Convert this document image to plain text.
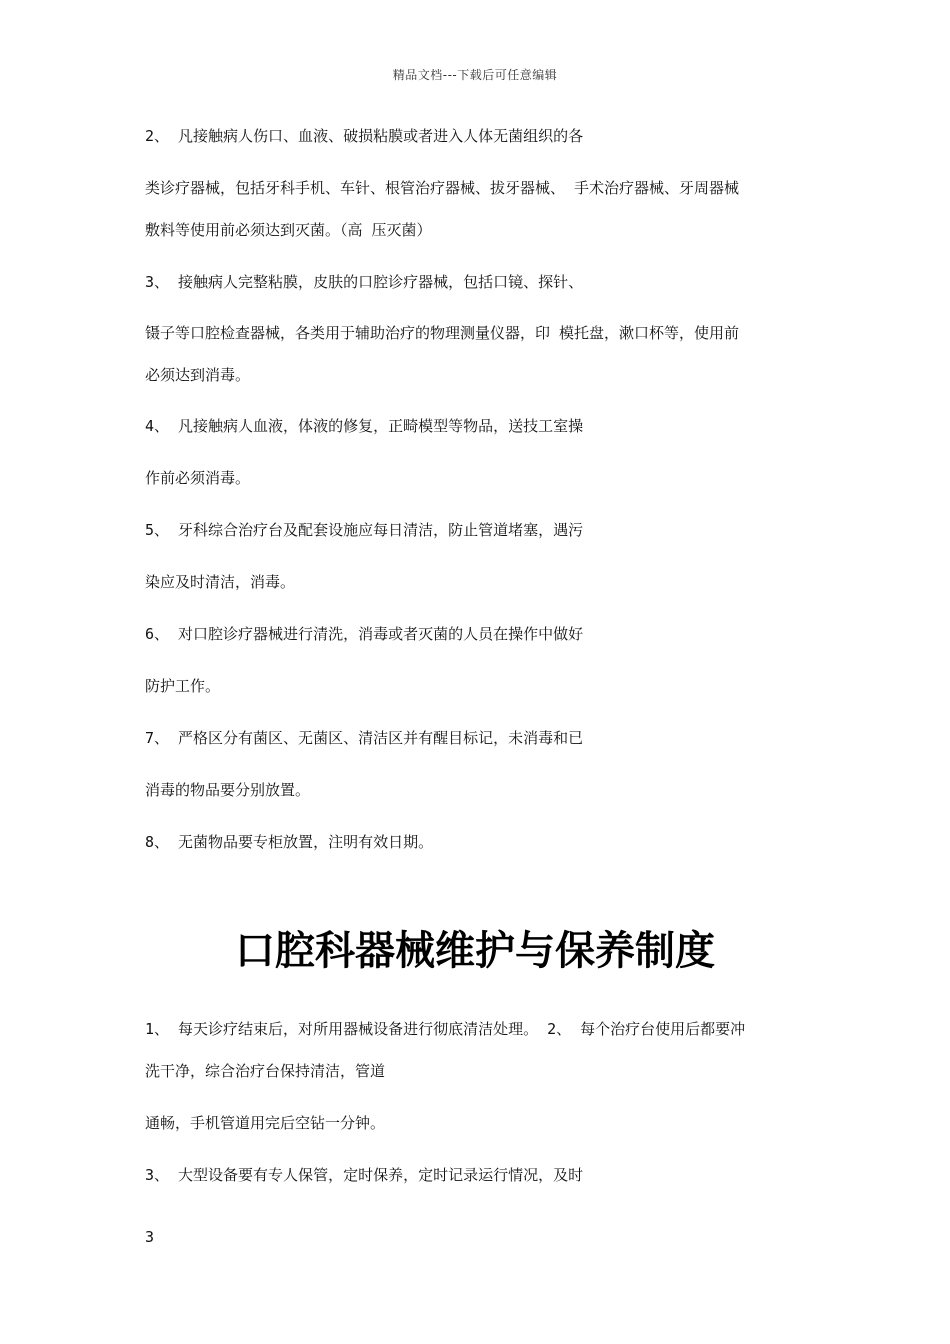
精品文档---下载后可任意编辑
2、 凡接触病人伤口、血液、破损粘膜或者进入人体无菌组织的各
类诊疗器械，包括牙科手机、车针、根管治疗器械、拔牙器械、 手术治疗器械、牙周器械
敷料等使用前必须达到灭菌。（高 压灭菌）
3、 接触病人完整粘膜，皮肤的口腔诊疗器械，包括口镜、探针、
镊子等口腔检查器械，各类用于辅助治疗的物理测量仪器，印 模托盘，漱口杯等，使用前
必须达到消毒。
4、 凡接触病人血液，体液的修复，正畸模型等物品，送技工室操
作前必须消毒。
5、 牙科综合治疗台及配套设施应每日清洁，防止管道堵塞，遇污
染应及时清洁，消毒。
6、 对口腔诊疗器械进行清洗，消毒或者灭菌的人员在操作中做好
防护工作。
7、 严格区分有菌区、无菌区、清洁区并有醒目标记，未消毒和已
消毒的物品要分别放置。
8、 无菌物品要专柜放置，注明有效日期。
口腔科器械维护与保养制度
1、 每天诊疗结束后，对所用器械设备进行彻底清洁处理。 2、 每个治疗台使用后都要冲
洗干净，综合治疗台保持清洁，管道
通畅，手机管道用完后空钻一分钟。
3、 大型设备要有专人保管，定时保养，定时记录运行情况，及时
3
